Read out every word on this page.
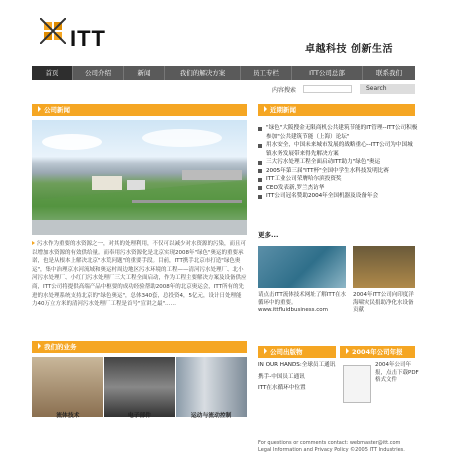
ITT	卓越科技 创新生活
首页	公司介绍	新闻	我们的解决方案	员工专栏	ITT公司总部	联系我们
内容搜索	Search
公司新闻
污水作为重要的水资源之一，对其的处理利用，不仅可以减少对水资源的污染，而且可以增加水资源的有效供给量。而奉用污水资源化是北京实现2008年"绿色"奥运的重要承诺，也是从根本上解决北京"水荒问题"的重要手段。目前，ITT携手北京市打造"绿色奥运"，集中治理京水河流域和奥运村周边地区污水环境的工程——清河污水处理厂、北小河污水处理厂、小红门污水处理厂三大工程全面启动，作为工程主要解决方案及设备供应商，ITT公司将提供高端产品中枢要的成功经验帮助2008年的北京奥运会，ITT所有的先进的水处理系统支持北京的"绿色奥运"，总体340套，总投资4，5亿元，设计日处理能力40万立方米的清河污水处理厂工程是首号"宣讲之最"……
近期新闻
"绿色"大阪搜金无限商机公共建筑节能的IT管理--ITT公司积极参加"公共建筑节能（上海）论坛"
用水安全，中国未来城市发展的战略重心--ITT公司为中国城镇水务发展带来得先解决方案
三大污水处理工程全面启动ITT助力"绿色"奥运
2005年第三届"ITT杯"全国中学生水科技发明比赛
ITT工业公司荣膺哈尔滨投资奖
CEO发表新,罗兰杰访华
ITT公司冠名赞助2004年全国机器及设备年会
更多...
请点击ITT流体技术网址了解ITT在水循环中的重要。www.ittfluidbusiness.com
2004年ITT公司向印度洋海啸灾民捐助净化水设备贡献
我们的业务
流体技术	电子部件	运动与流动控制
公司出版物
IN OUR HANDS:全球员工通讯
携手-中国员工通讯
ITT在水循环中位置
2004年公司年报
2004年公司年报，点击下载PDF格式文件
For questions or comments contact: webmaster@itt.com
Legal Information and Privacy Policy ©2005 ITT Industries.
